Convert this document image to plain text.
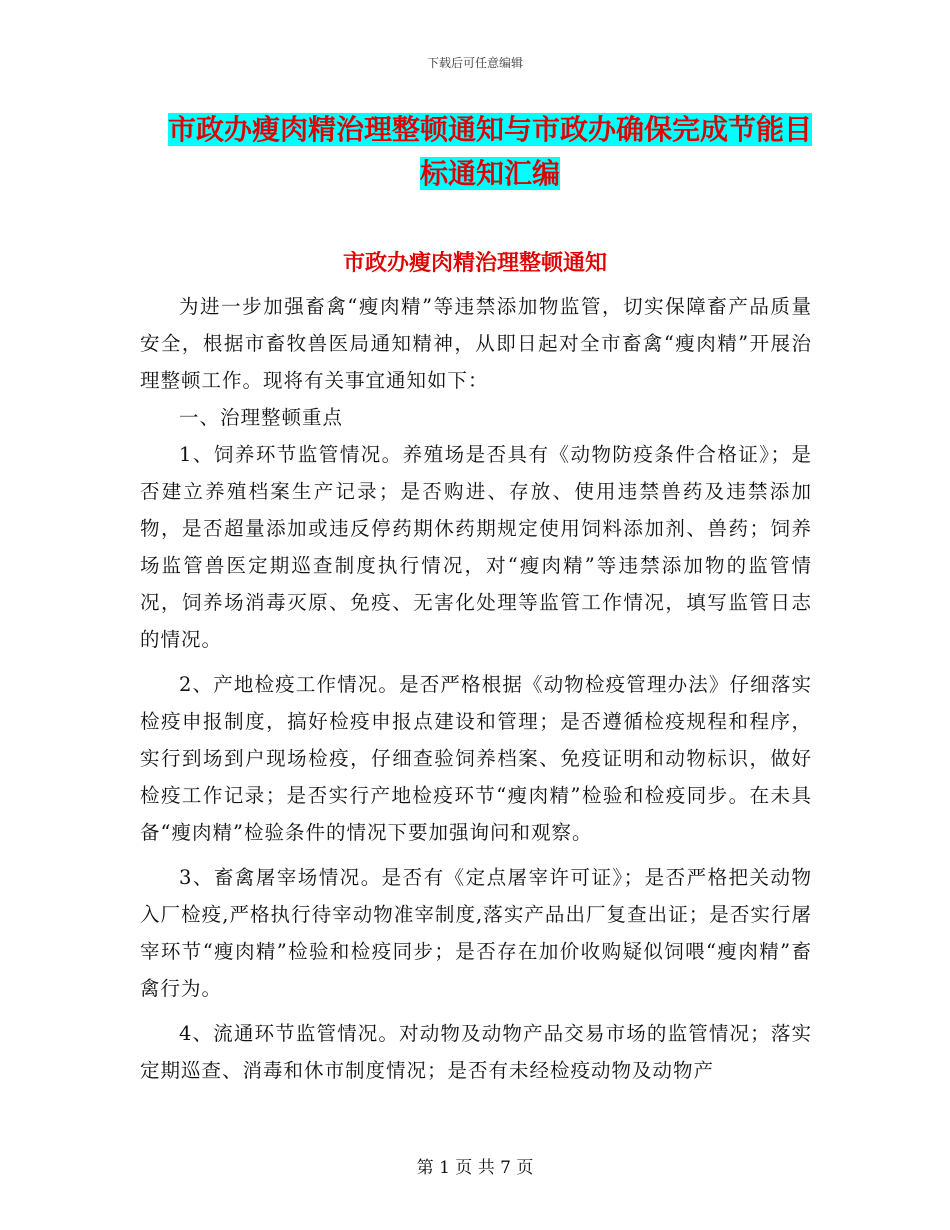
下载后可任意编辑
市政办瘦肉精治理整顿通知与市政办确保完成节能目
标通知汇编
市政办瘦肉精治理整顿通知

为进一步加强畜禽“瘦肉精”等违禁添加物监管，切实保障畜产品质量安全，根据市畜牧兽医局通知精神，从即日起对全市畜禽“瘦肉精”开展治理整顿工作。现将有关事宜通知如下：

一、治理整顿重点

1、饲养环节监管情况。养殖场是否具有《动物防疫条件合格证》；是否建立养殖档案生产记录；是否购进、存放、使用违禁兽药及违禁添加物，是否超量添加或违反停药期休药期规定使用饲料添加剂、兽药；饲养场监管兽医定期巡查制度执行情况，对“瘦肉精”等违禁添加物的监管情况，饲养场消毒灭原、免疫、无害化处理等监管工作情况，填写监管日志的情况。

2、产地检疫工作情况。是否严格根据《动物检疫管理办法》仔细落实检疫申报制度，搞好检疫申报点建设和管理；是否遵循检疫规程和程序，实行到场到户现场检疫，仔细查验饲养档案、免疫证明和动物标识，做好检疫工作记录；是否实行产地检疫环节“瘦肉精”检验和检疫同步。在未具备“瘦肉精”检验条件的情况下要加强询问和观察。

3、畜禽屠宰场情况。是否有《定点屠宰许可证》；是否严格把关动物入厂检疫,严格执行待宰动物准宰制度,落实产品出厂复查出证；是否实行屠宰环节“瘦肉精”检验和检疫同步；是否存在加价收购疑似饲喂“瘦肉精”畜禽行为。

4、流通环节监管情况。对动物及动物产品交易市场的监管情况；落实定期巡查、消毒和休市制度情况；是否有未经检疫动物及动物产

第 1 页 共 7 页
